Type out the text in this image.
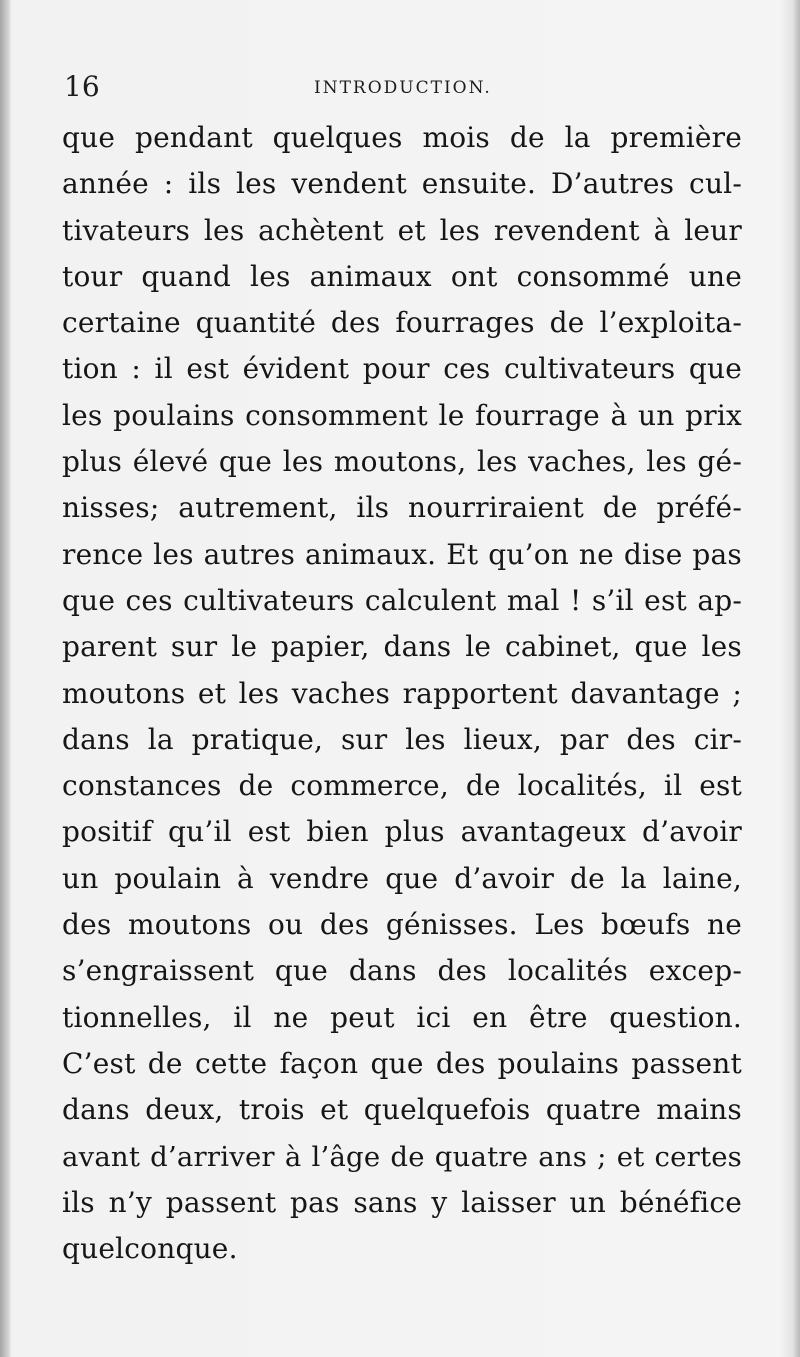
16	INTRODUCTION.
que pendant quelques mois de la première
année : ils les vendent ensuite. D’autres cul-
tivateurs les achètent et les revendent à leur
tour quand les animaux ont consommé une
certaine quantité des fourrages de l’exploita-
tion : il est évident pour ces cultivateurs que
les poulains consomment le fourrage à un prix
plus élevé que les moutons, les vaches, les gé-
nisses; autrement, ils nourriraient de préfé-
rence les autres animaux. Et qu’on ne dise pas
que ces cultivateurs calculent mal ! s’il est ap-
parent sur le papier, dans le cabinet, que les
moutons et les vaches rapportent davantage ;
dans la pratique, sur les lieux, par des cir-
constances de commerce, de localités, il est
positif qu’il est bien plus avantageux d’avoir
un poulain à vendre que d’avoir de la laine,
des moutons ou des génisses. Les bœufs ne
s’engraissent que dans des localités excep-
tionnelles, il ne peut ici en être question.
C’est de cette façon que des poulains passent
dans deux, trois et quelquefois quatre mains
avant d’arriver à l’âge de quatre ans ; et certes
ils n’y passent pas sans y laisser un bénéfice
quelconque.
